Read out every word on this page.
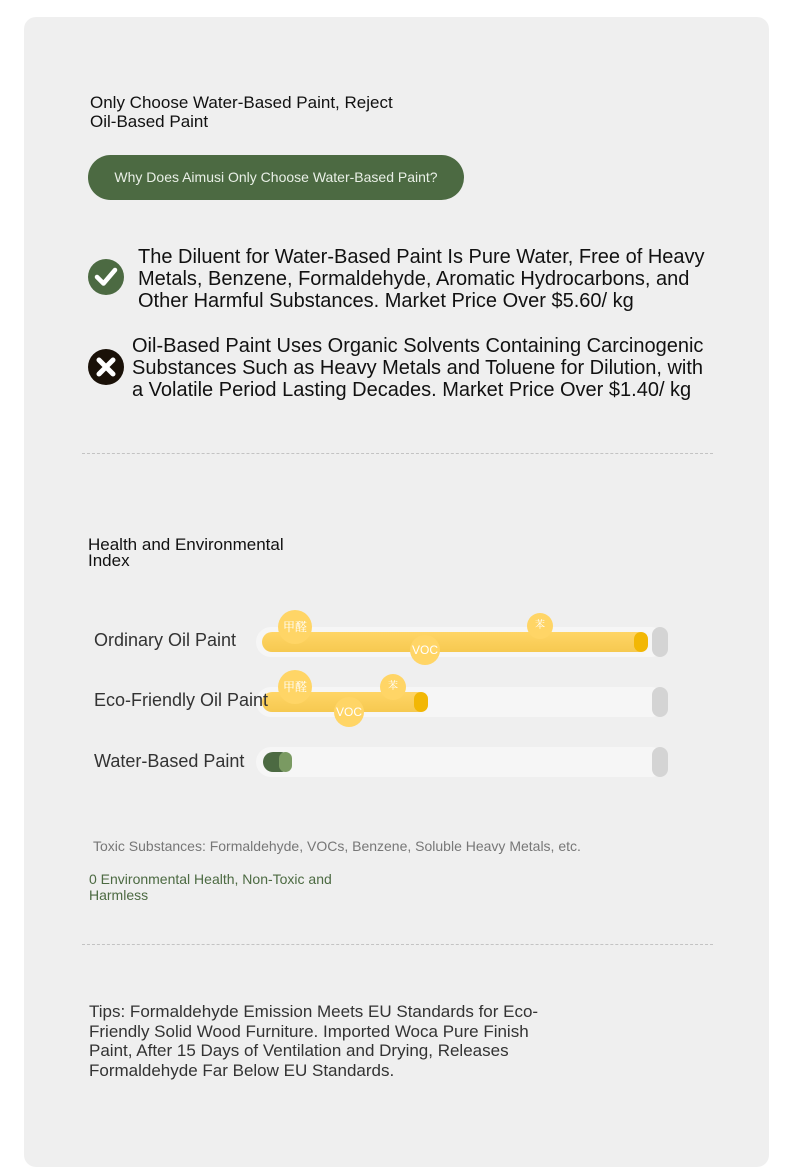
Only Choose Water-Based Paint, Reject Oil-Based Paint
Why Does Aimusi Only Choose Water-Based Paint?
The Diluent for Water-Based Paint Is Pure Water, Free of Heavy Metals, Benzene, Formaldehyde, Aromatic Hydrocarbons, and Other Harmful Substances. Market Price Over $5.60/ kg
Oil-Based Paint Uses Organic Solvents Containing Carcinogenic Substances Such as Heavy Metals and Toluene for Dilution, with a Volatile Period Lasting Decades. Market Price Over $1.40/ kg
Health and Environmental Index
Ordinary Oil Paint
甲醛	苯
VOC
甲醛	苯
VOC
Eco-Friendly Oil Paint
Water-Based Paint
Toxic Substances: Formaldehyde, VOCs, Benzene, Soluble Heavy Metals, etc.
0 Environmental Health, Non-Toxic and Harmless
Tips: Formaldehyde Emission Meets EU Standards for Eco-Friendly Solid Wood Furniture. Imported Woca Pure Finish Paint, After 15 Days of Ventilation and Drying, Releases Formaldehyde Far Below EU Standards.
